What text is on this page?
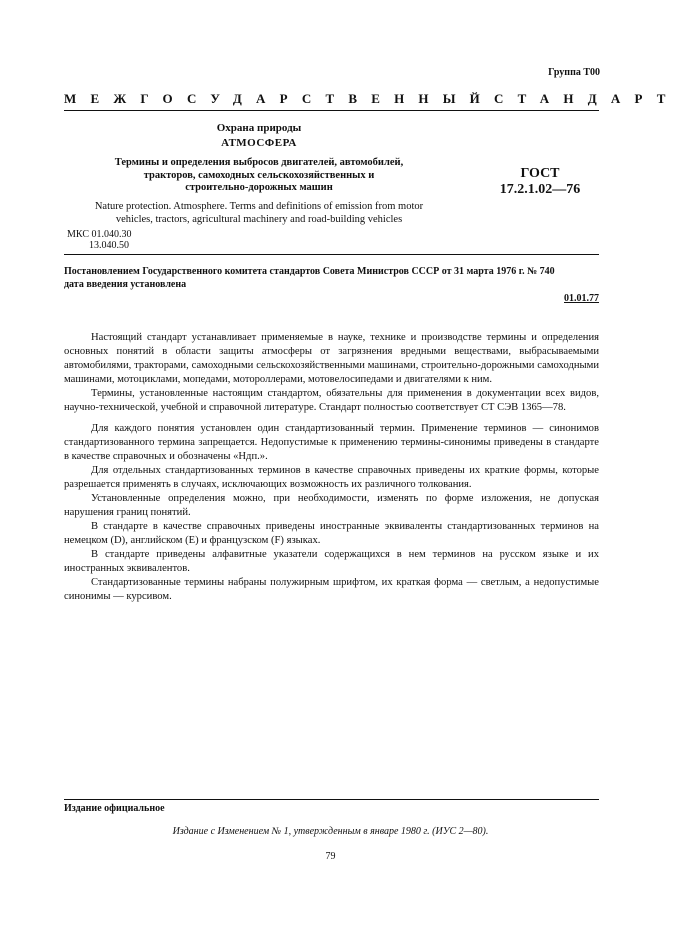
Группа Т00
МЕЖГОСУДАРСТВЕННЫЙ СТАНДАРТ
Охрана природы
АТМОСФЕРА
Термины и определения выбросов двигателей, автомобилей,
тракторов, самоходных сельскохозяйственных и
строительно-дорожных машин
Nature protection. Atmosphere. Terms and definitions of emission from motor
vehicles, tractors, agricultural machinery and road-building vehicles
ГОСТ
17.2.1.02—76
МКС 01.040.30
13.040.50
Постановлением Государственного комитета стандартов Совета Министров СССР от 31 марта 1976 г. № 740
дата введения установлена
01.01.77

Настоящий стандарт устанавливает применяемые в науке, технике и производстве термины и определения основных понятий в области защиты атмосферы от загрязнения вредными веществами, выбрасываемыми автомобилями, тракторами, самоходными сельскохозяйственными машинами, строительно-дорожными самоходными машинами, мотоциклами, мопедами, мотороллерами, мотовелосипедами и двигателями к ним.

Термины, установленные настоящим стандартом, обязательны для применения в документации всех видов, научно-технической, учебной и справочной литературе. Стандарт полностью соответствует СТ СЭВ 1365—78.

Для каждого понятия установлен один стандартизованный термин. Применение терминов — синонимов стандартизованного термина запрещается. Недопустимые к применению термины-синонимы приведены в стандарте в качестве справочных и обозначены «Ндп.».

Для отдельных стандартизованных терминов в качестве справочных приведены их краткие формы, которые разрешается применять в случаях, исключающих возможность их различного толкования.

Установленные определения можно, при необходимости, изменять по форме изложения, не допуская нарушения границ понятий.

В стандарте в качестве справочных приведены иностранные эквиваленты стандартизованных терминов на немецком (D), английском (Е) и французском (F) языках.

В стандарте приведены алфавитные указатели содержащихся в нем терминов на русском языке и их иностранных эквивалентов.

Стандартизованные термины набраны полужирным шрифтом, их краткая форма — светлым, а недопустимые синонимы — курсивом.

Издание официальное
Издание с Изменением № 1, утвержденным в январе 1980 г. (ИУС 2—80).
79
